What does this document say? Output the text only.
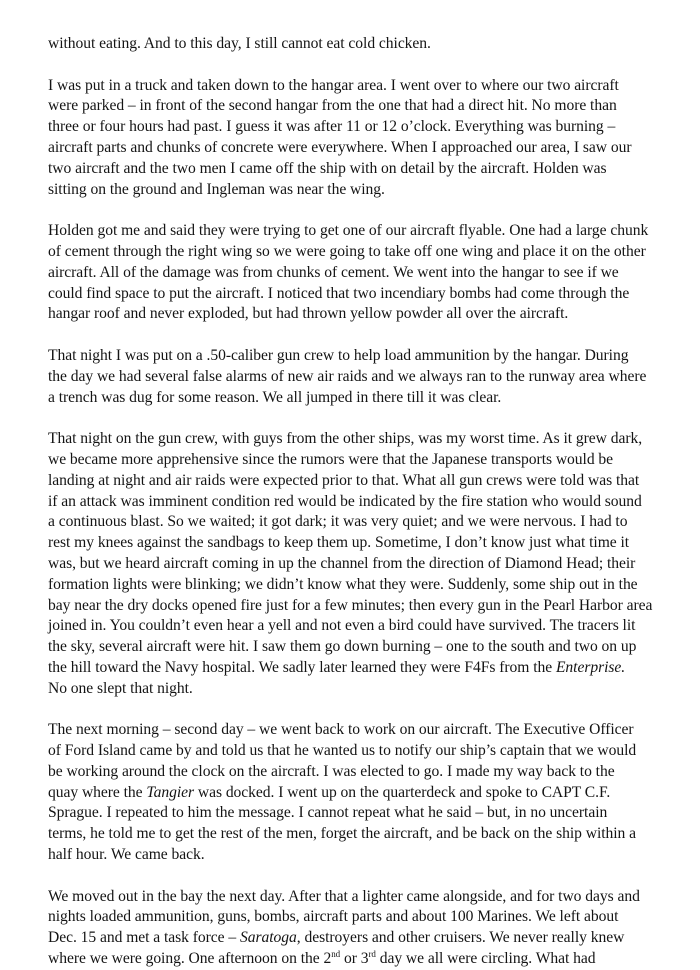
without eating. And to this day, I still cannot eat cold chicken.

I was put in a truck and taken down to the hangar area. I went over to where our two aircraft
were parked – in front of the second hangar from the one that had a direct hit. No more than
three or four hours had past. I guess it was after 11 or 12 o’clock. Everything was burning –
aircraft parts and chunks of concrete were everywhere. When I approached our area, I saw our
two aircraft and the two men I came off the ship with on detail by the aircraft. Holden was
sitting on the ground and Ingleman was near the wing.

Holden got me and said they were trying to get one of our aircraft flyable. One had a large chunk
of cement through the right wing so we were going to take off one wing and place it on the other
aircraft. All of the damage was from chunks of cement. We went into the hangar to see if we
could find space to put the aircraft. I noticed that two incendiary bombs had come through the
hangar roof and never exploded, but had thrown yellow powder all over the aircraft.

That night I was put on a .50-caliber gun crew to help load ammunition by the hangar. During
the day we had several false alarms of new air raids and we always ran to the runway area where
a trench was dug for some reason. We all jumped in there till it was clear.

That night on the gun crew, with guys from the other ships, was my worst time. As it grew dark,
we became more apprehensive since the rumors were that the Japanese transports would be
landing at night and air raids were expected prior to that. What all gun crews were told was that
if an attack was imminent condition red would be indicated by the fire station who would sound
a continuous blast. So we waited; it got dark; it was very quiet; and we were nervous. I had to
rest my knees against the sandbags to keep them up. Sometime, I don’t know just what time it
was, but we heard aircraft coming in up the channel from the direction of Diamond Head; their
formation lights were blinking; we didn’t know what they were. Suddenly, some ship out in the
bay near the dry docks opened fire just for a few minutes; then every gun in the Pearl Harbor area
joined in. You couldn’t even hear a yell and not even a bird could have survived. The tracers lit
the sky, several aircraft were hit. I saw them go down burning – one to the south and two on up
the hill toward the Navy hospital. We sadly later learned they were F4Fs from the Enterprise.
No one slept that night.

The next morning – second day – we went back to work on our aircraft. The Executive Officer
of Ford Island came by and told us that he wanted us to notify our ship’s captain that we would
be working around the clock on the aircraft. I was elected to go. I made my way back to the
quay where the Tangier was docked. I went up on the quarterdeck and spoke to CAPT C.F.
Sprague. I repeated to him the message. I cannot repeat what he said – but, in no uncertain
terms, he told me to get the rest of the men, forget the aircraft, and be back on the ship within a
half hour. We came back.

We moved out in the bay the next day. After that a lighter came alongside, and for two days and
nights loaded ammunition, guns, bombs, aircraft parts and about 100 Marines. We left about
Dec. 15 and met a task force – Saratoga, destroyers and other cruisers. We never really knew
where we were going. One afternoon on the 2nd or 3rd day we all were circling. What had
